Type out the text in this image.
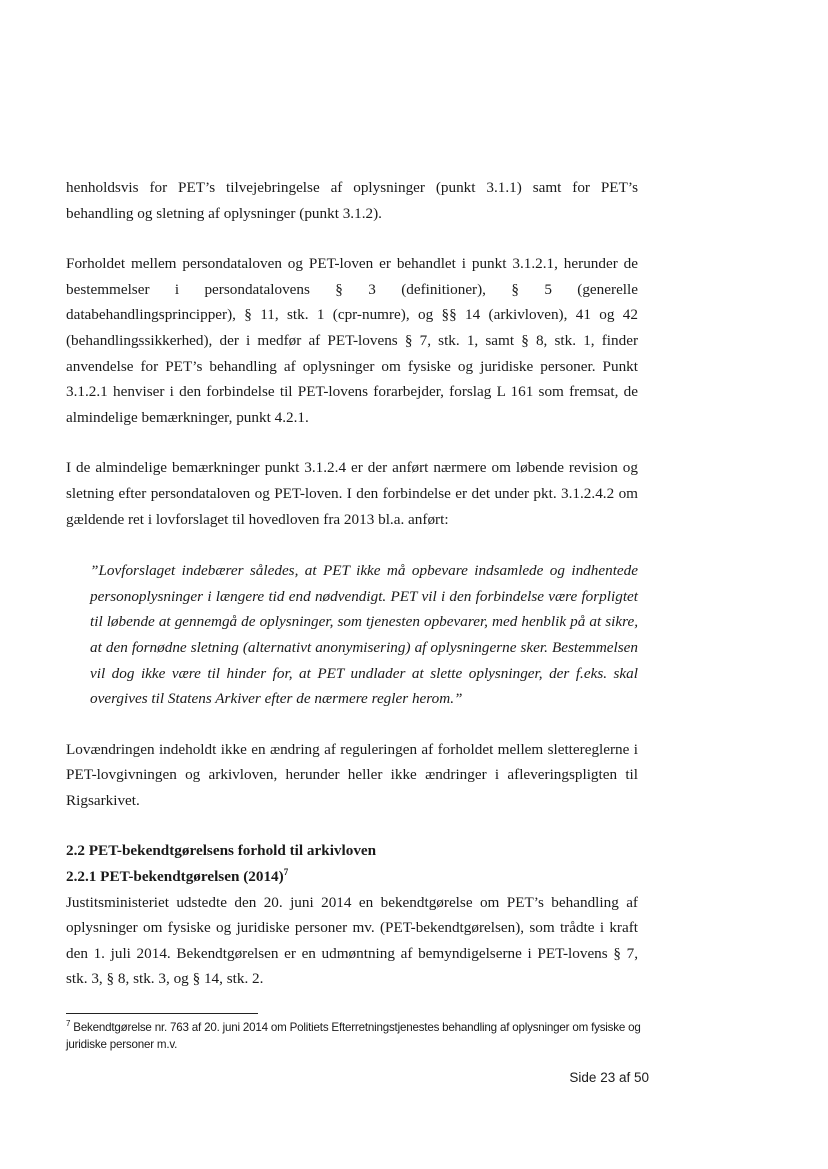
henholdsvis for PET’s tilvejebringelse af oplysninger (punkt 3.1.1) samt for PET’s behandling og sletning af oplysninger (punkt 3.1.2).

Forholdet mellem persondataloven og PET-loven er behandlet i punkt 3.1.2.1, herunder de bestemmelser i persondatalovens § 3 (definitioner), § 5 (generelle databehandlingsprincipper), § 11, stk. 1 (cpr-numre), og §§ 14 (arkivloven), 41 og 42 (behandlingssikkerhed), der i medfør af PET-lovens § 7, stk. 1, samt § 8, stk. 1, finder anvendelse for PET’s behandling af oplysninger om fysiske og juridiske personer. Punkt 3.1.2.1 henviser i den forbindelse til PET-lovens forarbejder, forslag L 161 som fremsat, de almindelige bemærkninger, punkt 4.2.1.

I de almindelige bemærkninger punkt 3.1.2.4 er der anført nærmere om løbende revision og sletning efter persondataloven og PET-loven. I den forbindelse er det under pkt. 3.1.2.4.2 om gældende ret i lovforslaget til hovedloven fra 2013 bl.a. anført:

”Lovforslaget indebærer således, at PET ikke må opbevare indsamlede og indhentede personoplysninger i længere tid end nødvendigt. PET vil i den forbindelse være forpligtet til løbende at gennemgå de oplysninger, som tjenesten opbevarer, med henblik på at sikre, at den fornødne sletning (alternativt anonymisering) af oplysningerne sker. Bestemmelsen vil dog ikke være til hinder for, at PET undlader at slette oplysninger, der f.eks. skal overgives til Statens Arkiver efter de nærmere regler herom.”

Lovændringen indeholdt ikke en ændring af reguleringen af forholdet mellem slettereglerne i PET-lovgivningen og arkivloven, herunder heller ikke ændringer i afleveringspligten til Rigsarkivet.

2.2 PET-bekendtgørelsens forhold til arkivloven

2.2.1 PET-bekendtgørelsen $(2014)^7$

Justitsministeriet udstedte den 20. juni 2014 en bekendtgørelse om PET’s behandling af oplysninger om fysiske og juridiske personer mv. (PET-bekendtgørelsen), som trådte i kraft den 1. juli 2014. Bekendtgørelsen er en udmøntning af bemyndigelserne i PET-lovens § 7, stk. 3, § 8, stk. 3, og § 14, stk. 2.

$^7$ Bekendtgørelse nr. 763 af 20. juni 2014 om Politiets Efterretningstjenestes behandling af oplysninger om fysiske og juridiske personer m.v.
Side 23 af 50
